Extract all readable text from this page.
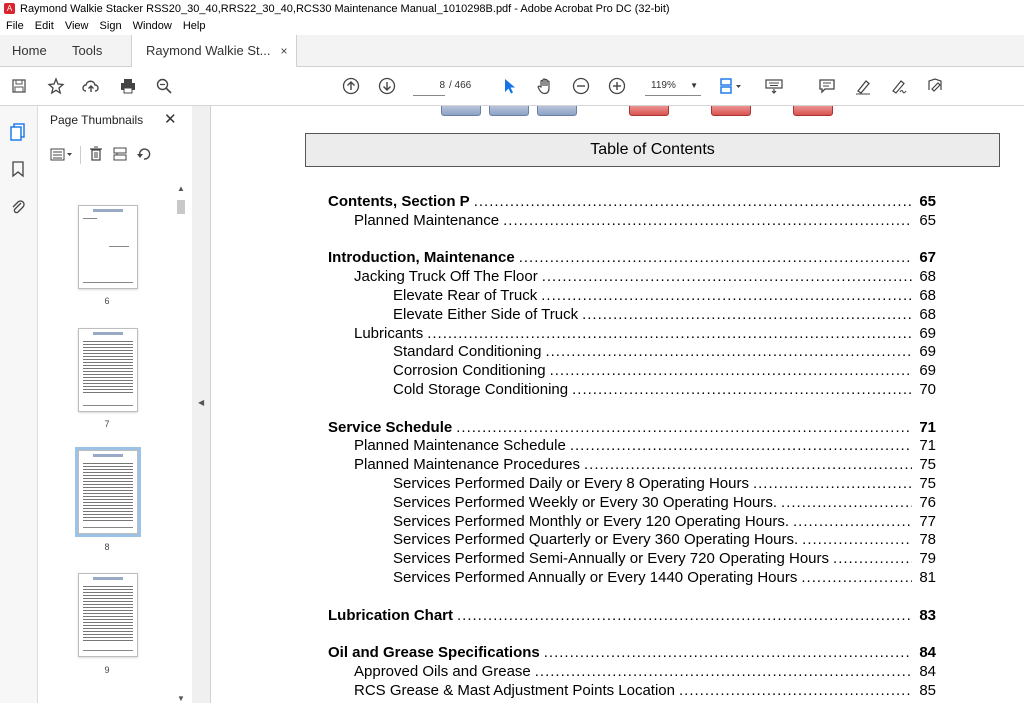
A Raymond Walkie Stacker RSS20_30_40,RRS22_30_40,RCS30 Maintenance Manual_1010298B.pdf - Adobe Acrobat Pro DC (32-bit)
File Edit View Sign Window Help
Home Tools	Raymond Walkie St... ×
8 / 466	119% ▼
Page Thumbnails ✕
▲
▼
6
7
8
9
◀
Table of Contents
Contents, Section P .....	65
Planned Maintenance .....	65
Introduction, Maintenance .....	67
Jacking Truck Off The Floor .....	68
Elevate Rear of Truck .....	68
Elevate Either Side of Truck .....	68
Lubricants .....	69
Standard Conditioning .....	69
Corrosion Conditioning .....	69
Cold Storage Conditioning .....	70
Service Schedule .....	71
Planned Maintenance Schedule .....	71
Planned Maintenance Procedures .....	75
Services Performed Daily or Every 8 Operating Hours .....	75
Services Performed Weekly or Every 30 Operating Hours. .....	76
Services Performed Monthly or Every 120 Operating Hours. .....	77
Services Performed Quarterly or Every 360 Operating Hours. .....	78
Services Performed Semi-Annually or Every 720 Operating Hours .....	79
Services Performed Annually or Every 1440 Operating Hours .....	81
Lubrication Chart .....	83
Oil and Grease Specifications .....	84
Approved Oils and Grease .....	84
RCS Grease & Mast Adjustment Points Location .....	85
